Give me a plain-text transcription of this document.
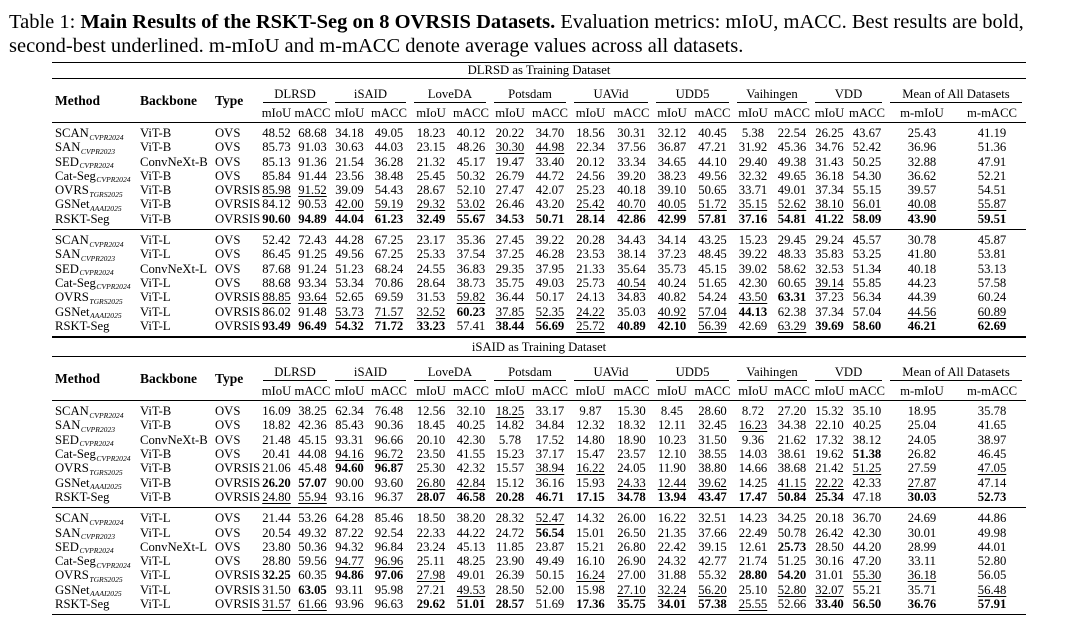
Table 1: Main Results of the RSKT-Seg on 8 OVRSIS Datasets. Evaluation metrics: mIoU, mACC. Best results are bold, second-best underlined. m-mIoU and m-mACC denote average values across all datasets.

DLRSD as Training Dataset																				
Method	Backbone	Type	DLRSD		iSAID		LoveDA		Potsdam		UAVid		UDD5		Vaihingen		VDD		Mean of All Datasets	

			mIoU	mACC	mIoU	mACC	mIoU	mACC	mIoU	mACC	mIoU	mACC	mIoU	mACC	mIoU	mACC	mIoU	mACC	m-mIoU	m-mACC
$SCAN_{CVPR2024}$	ViT-B	OVS	48.52	68.68	34.18	49.05	18.23	40.12	20.22	34.70	18.56	30.31	32.12	40.45	5.38	22.54	26.25	43.67	25.43	41.19
$SAN_{CVPR2023}$	ViT-B	OVS	85.73	91.03	30.63	44.03	23.15	48.26	30.30	44.98	22.34	37.56	36.87	47.21	31.92	45.36	34.76	52.42	36.96	51.36
$SED_{CVPR2024}$	ConvNeXt-B	OVS	85.13	91.36	21.54	36.28	21.32	45.17	19.47	33.40	20.12	33.34	34.65	44.10	29.40	49.38	31.43	50.25	32.88	47.91
Cat-Seg$_{CVPR2024}$	ViT-B	OVS	85.84	91.44	23.56	38.48	25.45	50.32	26.79	44.72	24.56	39.20	38.23	49.56	32.32	49.65	36.18	54.30	36.62	52.21
$OVRS_{TGRS2025}$	ViT-B	OVRSIS	85.98	91.52	39.09	54.43	28.67	52.10	27.47	42.07	25.23	40.18	39.10	50.65	33.71	49.01	37.34	55.15	39.57	54.51
GSNet$_{AAAI2025}$	ViT-B	OVRSIS	84.12	90.53	42.00	59.19	29.32	53.02	26.46	43.20	25.42	40.70	40.05	51.72	35.15	52.62	38.10	56.01	40.08	55.87
RSKT-Seg	ViT-B	OVRSIS	90.60	94.89	44.04	61.23	32.49	55.67	34.53	50.71	28.14	42.86	42.99	57.81	37.16	54.81	41.22	58.09	43.90	59.51
$SCAN_{CVPR2024}$	ViT-L	OVS	52.42	72.43	44.28	67.25	23.17	35.36	27.45	39.22	20.28	34.43	34.14	43.25	15.23	29.45	29.24	45.57	30.78	45.87
$SAN_{CVPR2023}$	ViT-L	OVS	86.45	91.25	49.56	67.25	25.33	37.54	37.25	46.28	23.53	38.14	37.23	48.45	39.22	48.33	35.83	53.25	41.80	53.81
$SED_{CVPR2024}$	ConvNeXt-L	OVS	87.68	91.24	51.23	68.24	24.55	36.83	29.35	37.95	21.33	35.64	35.73	45.15	39.02	58.62	32.53	51.34	40.18	53.13
Cat-Seg$_{CVPR2024}$	ViT-L	OVS	88.68	93.34	53.34	70.86	28.64	38.73	35.75	49.03	25.73	40.54	40.24	51.65	42.30	60.65	39.14	55.85	44.23	57.58
$OVRS_{TGRS2025}$	ViT-L	OVRSIS	88.85	93.64	52.65	69.59	31.53	59.82	36.44	50.17	24.13	34.83	40.82	54.24	43.50	63.31	37.23	56.34	44.39	60.24
GSNet$_{AAAI2025}$	ViT-L	OVRSIS	86.02	91.48	53.73	71.57	32.52	60.23	37.85	52.35	24.22	35.03	40.92	57.04	44.13	62.38	37.34	57.04	44.56	60.89
RSKT-Seg	ViT-L	OVRSIS	93.49	96.49	54.32	71.72	33.23	57.41	38.44	56.69	25.72	40.89	42.10	56.39	42.69	63.29	39.69	58.60	46.21	62.69
iSAID as Training Dataset																				
Method	Backbone	Type	DLRSD		iSAID		LoveDA		Potsdam		UAVid		UDD5		Vaihingen		VDD		Mean of All Datasets	

			mIoU	mACC	mIoU	mACC	mIoU	mACC	mIoU	mACC	mIoU	mACC	mIoU	mACC	mIoU	mACC	mIoU	mACC	m-mIoU	m-mACC
$SCAN_{CVPR2024}$	ViT-B	OVS	16.09	38.25	62.34	76.48	12.56	32.10	18.25	33.17	9.87	15.30	8.45	28.60	8.72	27.20	15.32	35.10	18.95	35.78
$SAN_{CVPR2023}$	ViT-B	OVS	18.82	42.36	85.43	90.36	18.45	40.25	14.82	34.84	12.32	18.32	12.11	32.45	16.23	34.38	22.10	40.25	25.04	41.65
$SED_{CVPR2024}$	ConvNeXt-B	OVS	21.48	45.15	93.31	96.66	20.10	42.30	5.78	17.52	14.80	18.90	10.23	31.50	9.36	21.62	17.32	38.12	24.05	38.97
Cat-Seg$_{CVPR2024}$	ViT-B	OVS	20.41	44.08	94.16	96.72	23.50	41.55	15.23	37.17	15.47	23.57	12.10	38.55	14.03	38.61	19.62	51.38	26.82	46.45
$OVRS_{TGRS2025}$	ViT-B	OVRSIS	21.06	45.48	94.60	96.87	25.30	42.32	15.57	38.94	16.22	24.05	11.90	38.80	14.66	38.68	21.42	51.25	27.59	47.05
GSNet$_{AAAI2025}$	ViT-B	OVRSIS	26.20	57.07	90.00	93.60	26.80	42.84	15.12	36.16	15.93	24.33	12.44	39.62	14.25	41.15	22.22	42.33	27.87	47.14
RSKT-Seg	ViT-B	OVRSIS	24.80	55.94	93.16	96.37	28.07	46.58	20.28	46.71	17.15	34.78	13.94	43.47	17.47	50.84	25.34	47.18	30.03	52.73
$SCAN_{CVPR2024}$	ViT-L	OVS	21.44	53.26	64.28	85.46	18.50	38.20	28.32	52.47	14.32	26.00	16.22	32.51	14.23	34.25	20.18	36.70	24.69	44.86
$SAN_{CVPR2023}$	ViT-L	OVS	20.54	49.32	87.22	92.54	22.33	44.22	24.72	56.54	15.01	26.50	21.35	37.66	22.49	50.78	26.42	42.30	30.01	49.98
$SED_{CVPR2024}$	ConvNeXt-L	OVS	23.80	50.36	94.32	96.84	23.24	45.13	11.85	23.87	15.21	26.80	22.42	39.15	12.61	25.73	28.50	44.20	28.99	44.01
Cat-Seg$_{CVPR2024}$	ViT-L	OVS	28.80	59.56	94.77	96.96	25.11	48.25	23.90	49.49	16.10	26.90	24.32	42.77	21.74	51.25	30.16	47.20	33.11	52.80
$OVRS_{TGRS2025}$	ViT-L	OVRSIS	32.25	60.35	94.86	97.06	27.98	49.01	26.39	50.15	16.24	27.00	31.88	55.32	28.80	54.20	31.01	55.30	36.18	56.05
GSNet$_{AAAI2025}$	ViT-L	OVRSIS	31.50	63.05	93.11	95.98	27.21	49.53	28.50	52.00	15.98	27.10	32.24	56.20	25.10	52.80	32.07	55.21	35.71	56.48
RSKT-Seg	ViT-L	OVRSIS	31.57	61.66	93.96	96.63	29.62	51.01	28.57	51.69	17.36	35.75	34.01	57.38	25.55	52.66	33.40	56.50	36.76	57.91
